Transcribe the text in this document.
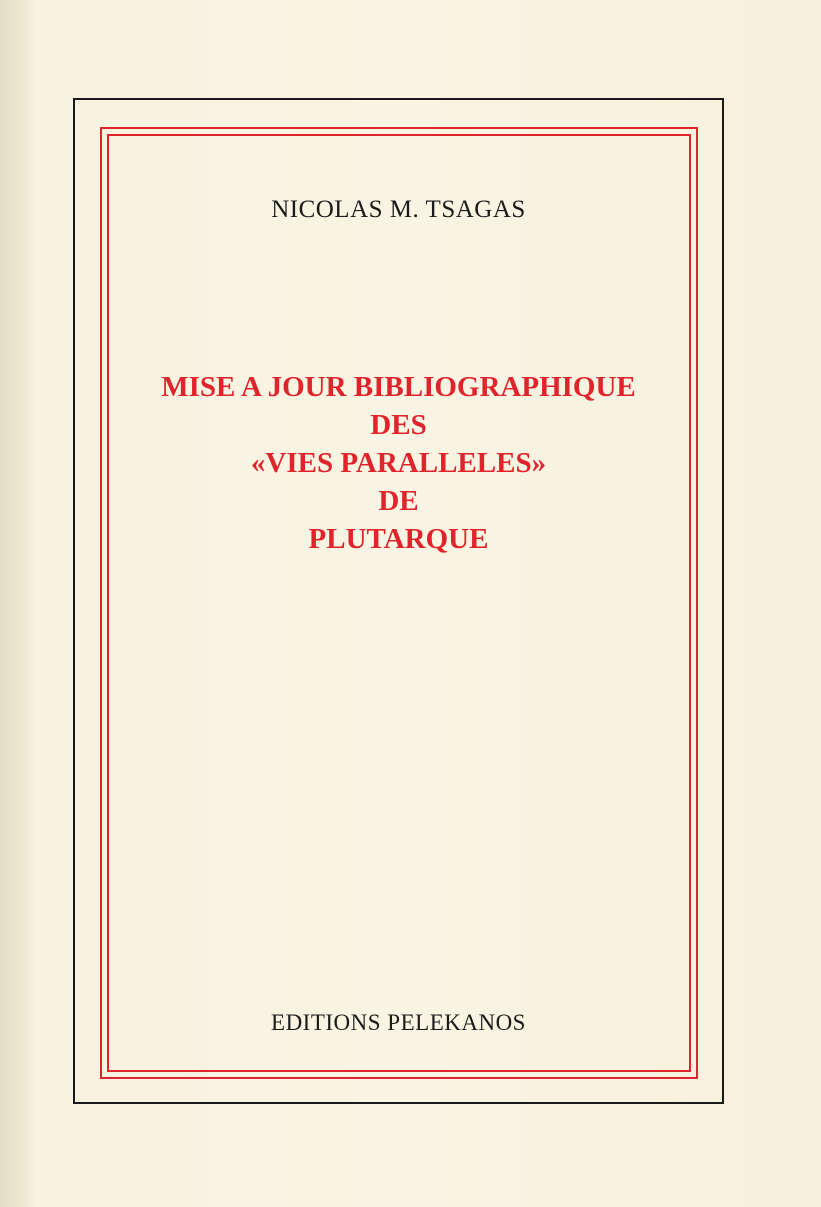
NICOLAS M. TSAGAS
MISE A JOUR BIBLIOGRAPHIQUE
DES
«VIES PARALLELES»
DE
PLUTARQUE
EDITIONS PELEKANOS
